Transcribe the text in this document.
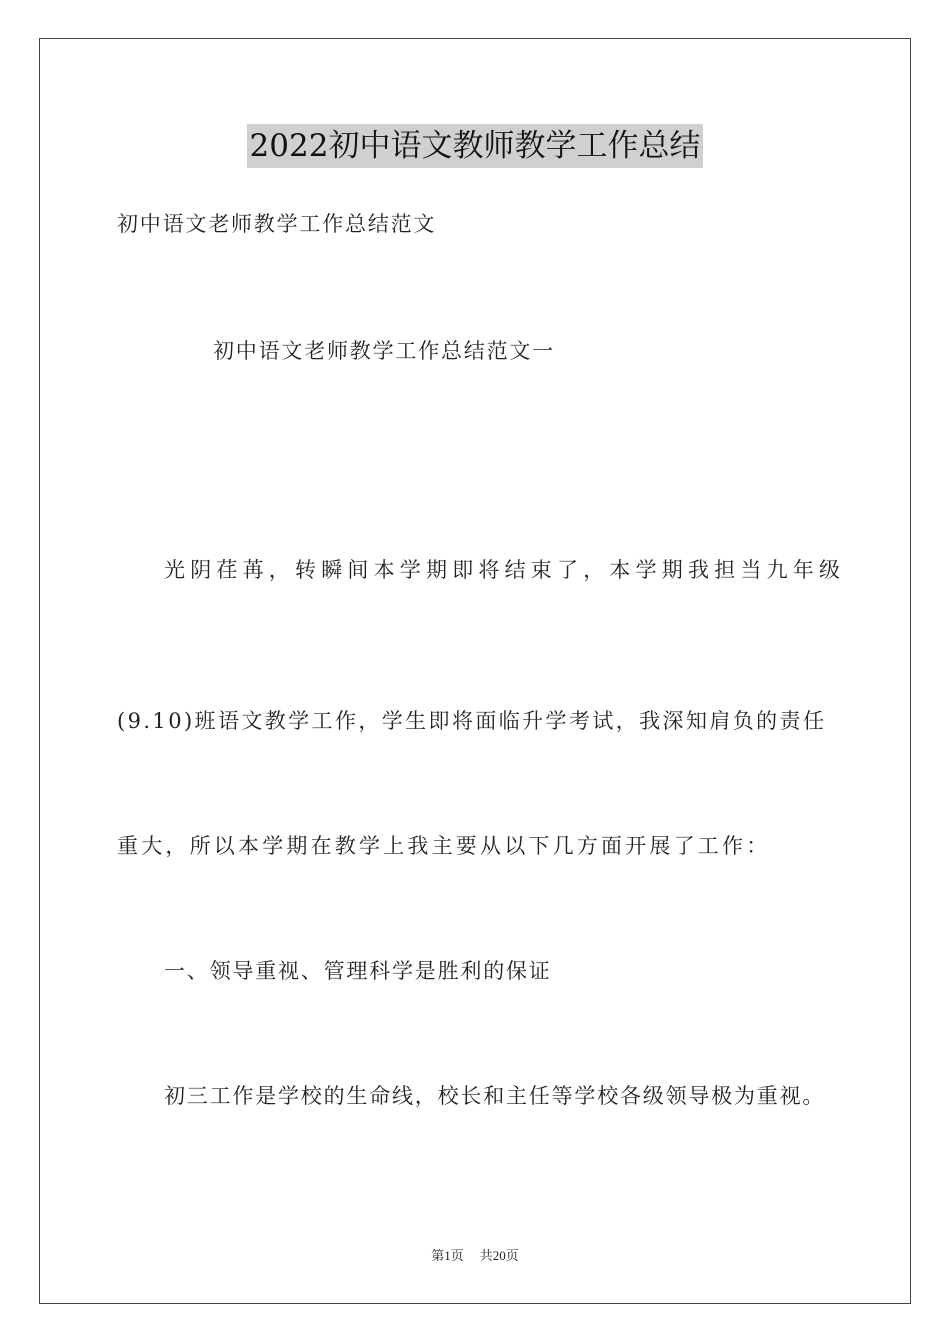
2022初中语文教师教学工作总结
初中语文老师教学工作总结范文
初中语文老师教学工作总结范文一
光阴荏苒，转瞬间本学期即将结束了，本学期我担当九年级
(9.10)班语文教学工作，学生即将面临升学考试，我深知肩负的责任
重大，所以本学期在教学上我主要从以下几方面开展了工作：
一、领导重视、管理科学是胜利的保证
初三工作是学校的生命线，校长和主任等学校各级领导极为重视。
第1页 共20页
